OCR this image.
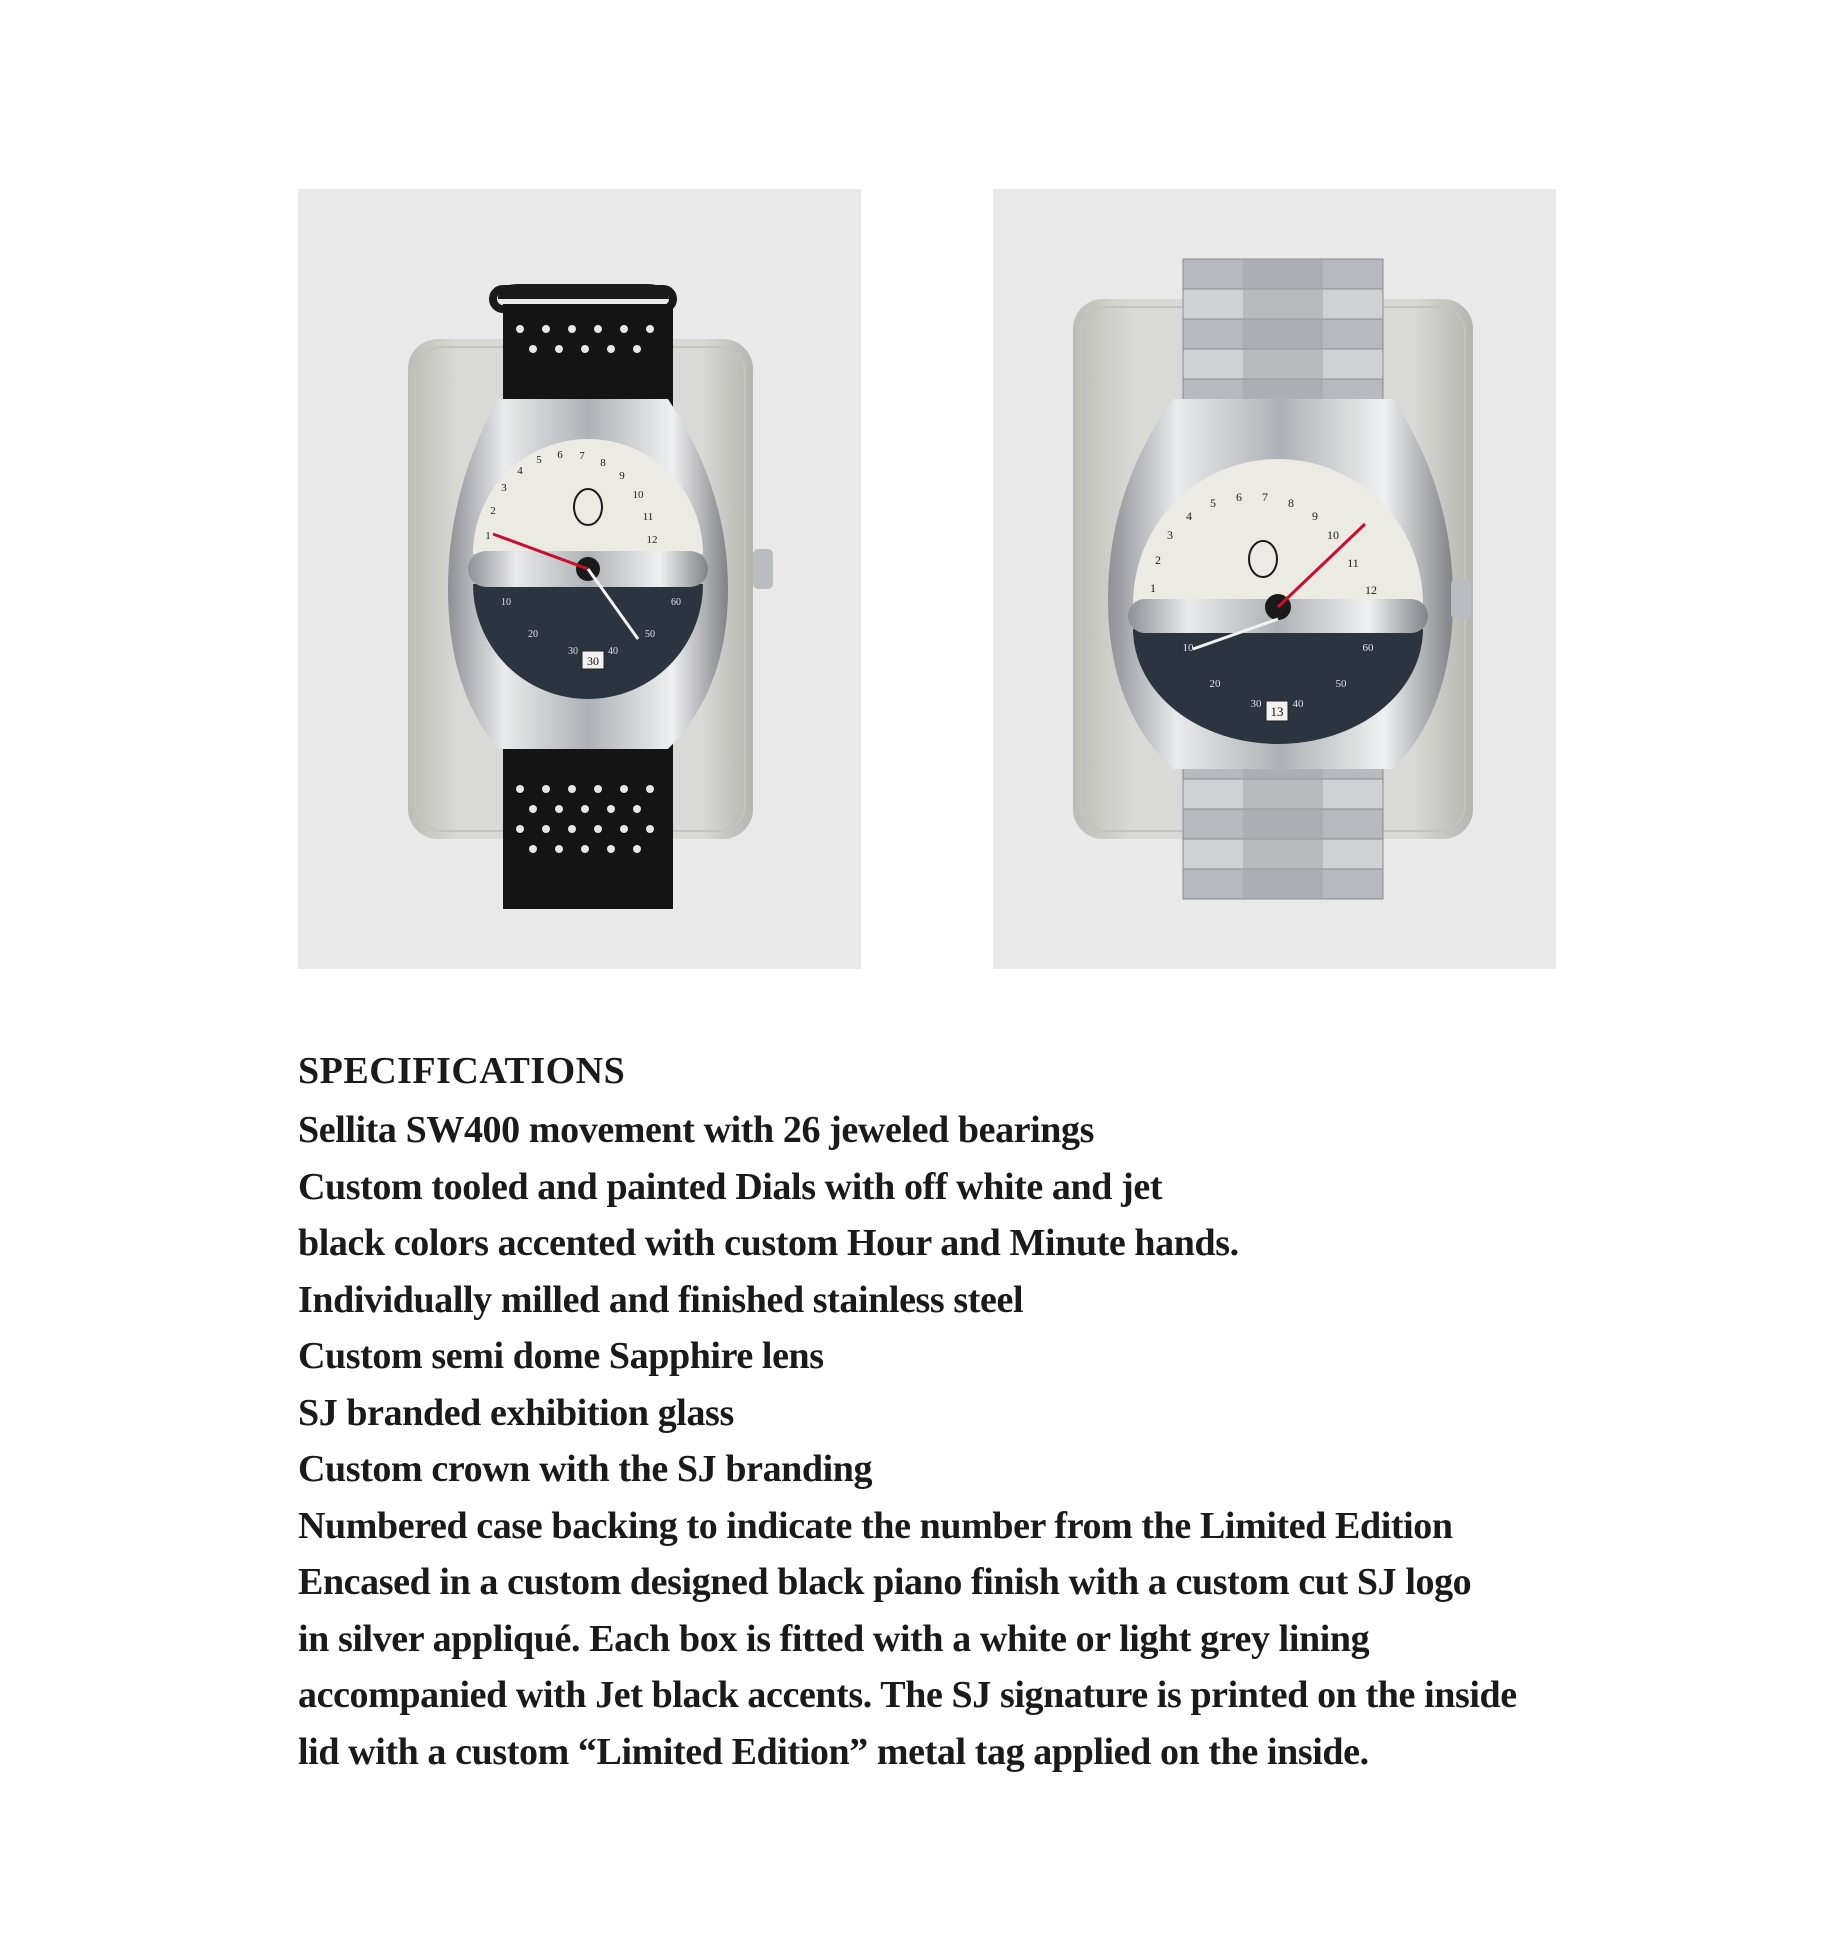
1
2
3
4
5 6 7
8
9
10
11
12
10
20
30	40
50
60
30
1
2
3
4
5 6 7 8
9
10
11
12
10
20
30	40
50
60
13
SPECIFICATIONS
Sellita SW400 movement with 26 jeweled bearings
Custom tooled and painted Dials with off white and jet
black colors accented with custom Hour and Minute hands.
Individually milled and finished stainless steel
Custom semi dome Sapphire lens
SJ branded exhibition glass
Custom crown with the SJ branding
Numbered case backing to indicate the number from the Limited Edition
Encased in a custom designed black piano finish with a custom cut SJ logo
in silver appliqué. Each box is fitted with a white or light grey lining
accompanied with Jet black accents. The SJ signature is printed on the inside
lid with a custom “Limited Edition” metal tag applied on the inside.
